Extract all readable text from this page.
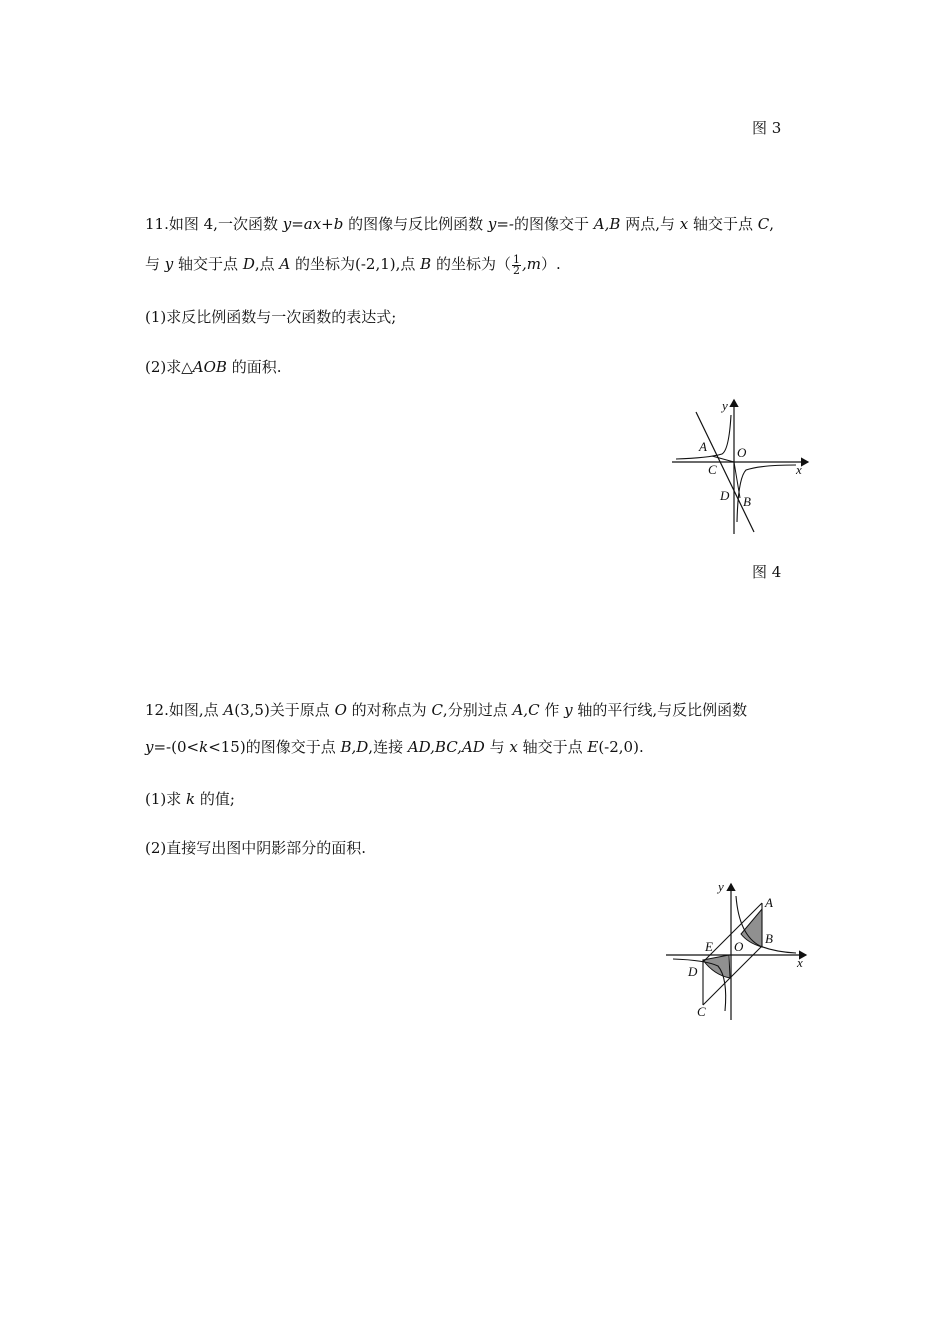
图 3
11.如图 4,一次函数 y=ax+b 的图像与反比例函数 y=-的图像交于 A,B 两点,与 x 轴交于点 C,
与 y 轴交于点 D,点 A 的坐标为(-2,1),点 B 的坐标为（ $\frac{1}{2} ,m$）.
(1)求反比例函数与一次函数的表达式;
(2)求△AOB 的面积.
y
x
A O
C
D B
图 4
12.如图,点 A(3,5)关于原点 O 的对称点为 C,分别过点 A,C 作 y 轴的平行线,与反比例函数
y=-(0<k<15)的图像交于点 B,D,连接 AD,BC,AD 与 x 轴交于点 E(-2,0).
(1)求 k 的值;
(2)直接写出图中阴影部分的面积.
y
x
A
B
E O
D
C
